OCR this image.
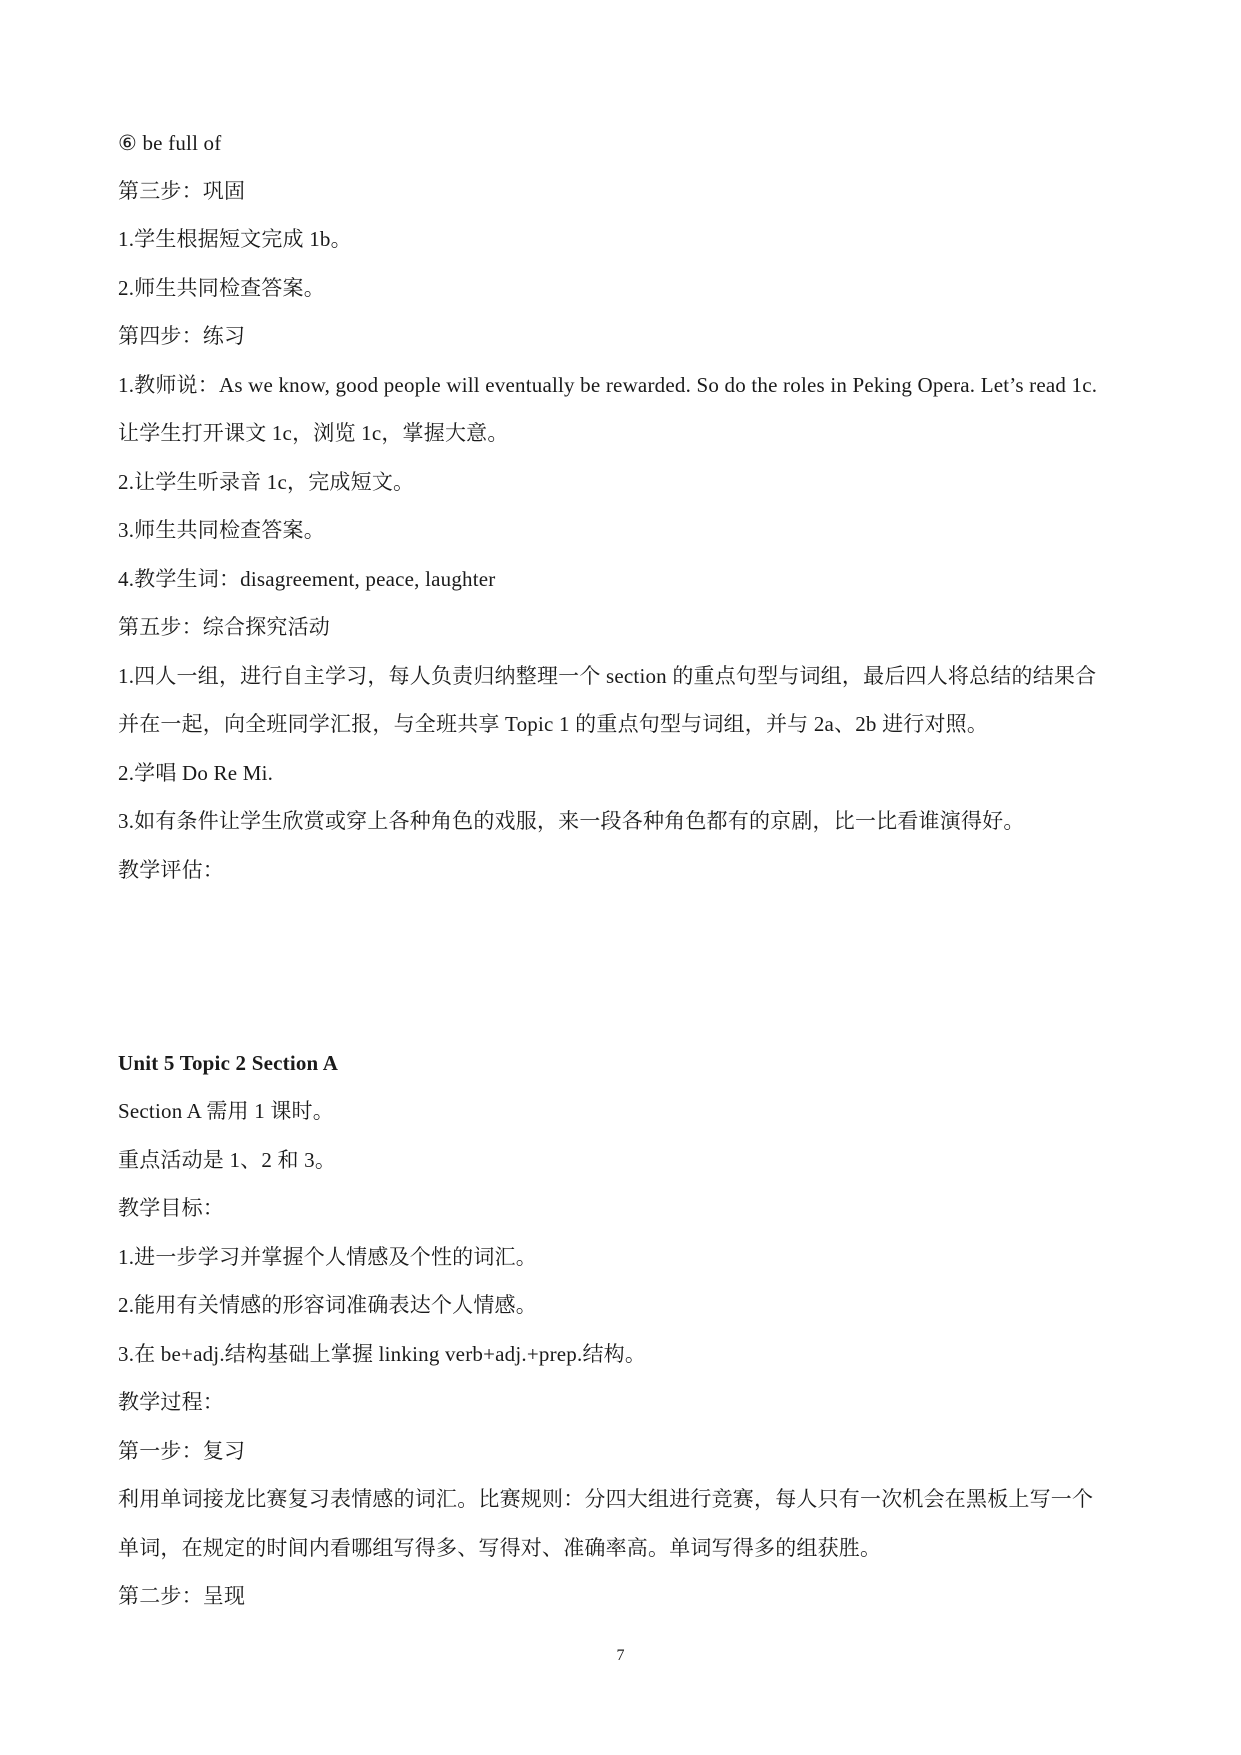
⑥ be full of
第三步：巩固
1.学生根据短文完成 1b。
2.师生共同检查答案。
第四步：练习
1.教师说：As we know, good people will eventually be rewarded. So do the roles in Peking Opera. Let’s read 1c.
让学生打开课文 1c，浏览 1c，掌握大意。
2.让学生听录音 1c，完成短文。
3.师生共同检查答案。
4.教学生词：disagreement, peace, laughter
第五步：综合探究活动
1.四人一组，进行自主学习，每人负责归纳整理一个 section 的重点句型与词组，最后四人将总结的结果合
并在一起，向全班同学汇报，与全班共享 Topic 1 的重点句型与词组，并与 2a、2b 进行对照。
2.学唱 Do Re Mi.
3.如有条件让学生欣赏或穿上各种角色的戏服，来一段各种角色都有的京剧，比一比看谁演得好。
教学评估：
Unit 5 Topic 2 Section A
Section A 需用 1 课时。
重点活动是 1、2 和 3。
教学目标：
1.进一步学习并掌握个人情感及个性的词汇。
2.能用有关情感的形容词准确表达个人情感。
3.在 be+adj.结构基础上掌握 linking verb+adj.+prep.结构。
教学过程：
第一步：复习
利用单词接龙比赛复习表情感的词汇。比赛规则：分四大组进行竞赛，每人只有一次机会在黑板上写一个
单词，在规定的时间内看哪组写得多、写得对、准确率高。单词写得多的组获胜。
第二步：呈现
7
